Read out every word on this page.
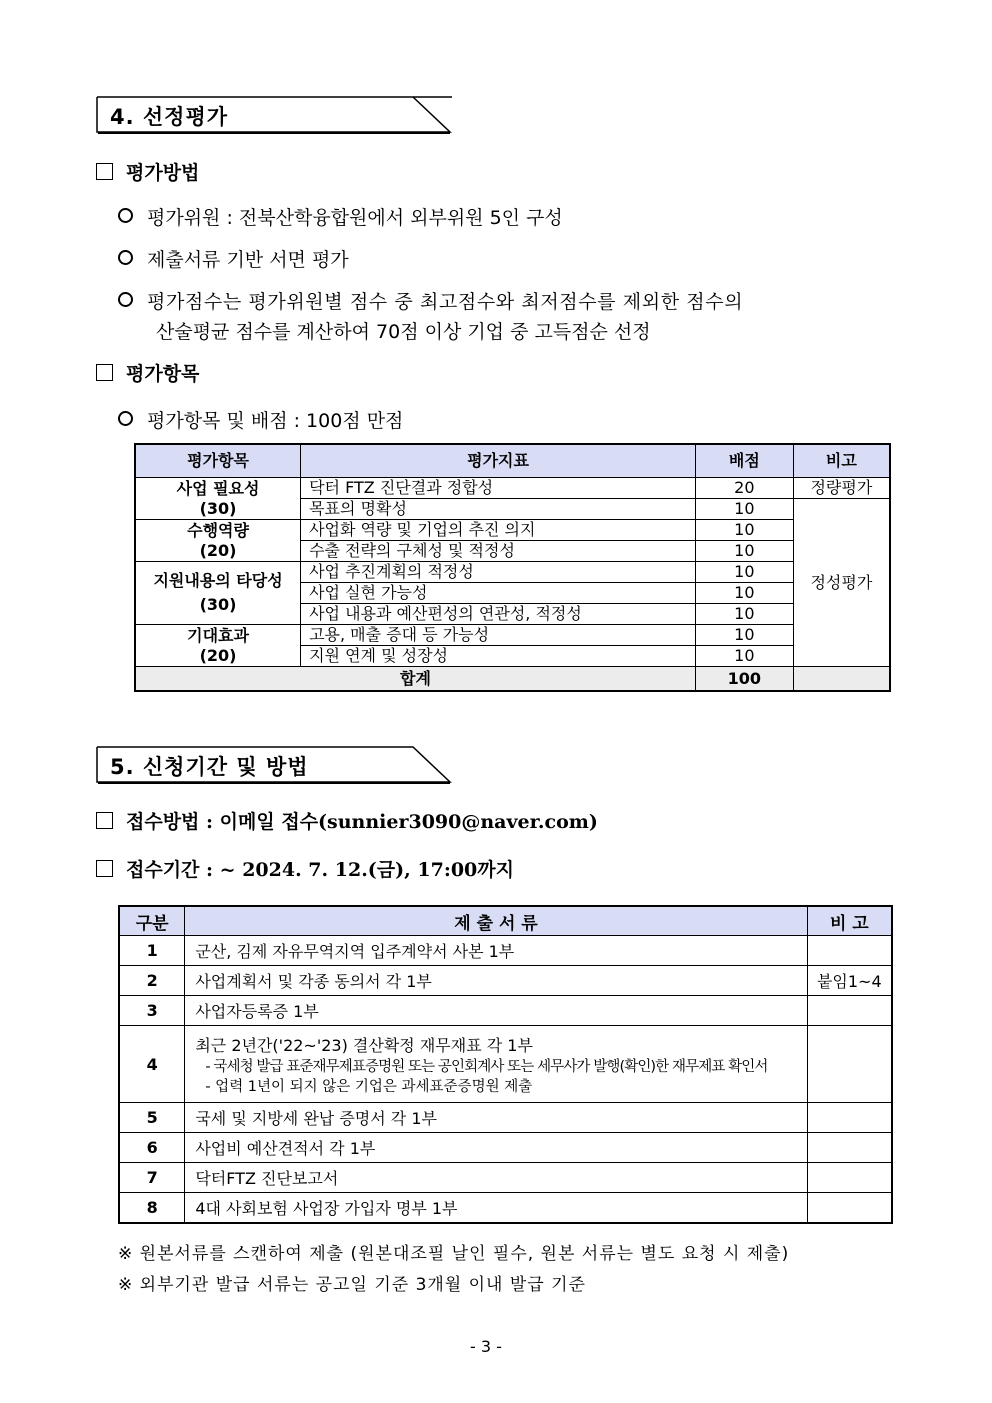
4. 선정평가
평가방법
평가위원 : 전북산학융합원에서 외부위원 5인 구성
제출서류 기반 서면 평가
평가점수는 평가위원별 점수 중 최고점수와 최저점수를 제외한 점수의
산술평균 점수를 계산하여 70점 이상 기업 중 고득점순 선정
평가항목
평가항목 및 배점 : 100점 만점
평가항목	평가지표	배점	비고

사업 필요성
(30)	닥터 FTZ 진단결과 정합성	20	정량평가
	목표의 명확성	10	정성평가

수행역량
(20)	사업화 역량 및 기업의 추진 의지	10	
	수출 전략의 구체성 및 적정성	10	

지원내용의 타당성
(30)	사업 추진계획의 적정성	10	
	사업 실현 가능성	10	
	사업 내용과 예산편성의 연관성, 적정성	10	

기대효과
(20)	고용, 매출 증대 등 가능성	10	
	지원 연계 및 성장성	10	
합계		100	
5. 신청기간 및 방법
접수방법 : 이메일 접수(sunnier3090@naver.com)
접수기간 : ~ 2024. 7. 12.(금), 17:00까지
구분	제 출 서 류	비 고
1	군산, 김제 자유무역지역 입주계약서 사본 1부	
2	사업계획서 및 각종 동의서 각 1부	붙임1~4
3	사업자등록증 1부	
4	최근 2년간('22~'23) 결산확정 재무재표 각 1부
- 국세청 발급 표준재무제표증명원 또는 공인회계사 또는 세무사가 발행(확인)한 재무제표 확인서
- 업력 1년이 되지 않은 기업은 과세표준증명원 제출	

5	국세 및 지방세 완납 증명서 각 1부	
6	사업비 예산견적서 각 1부	
7	닥터FTZ 진단보고서	
8	4대 사회보험 사업장 가입자 명부 1부	
※ 원본서류를 스캔하여 제출 (원본대조필 날인 필수, 원본 서류는 별도 요청 시 제출)
※ 외부기관 발급 서류는 공고일 기준 3개월 이내 발급 기준
- 3 -
